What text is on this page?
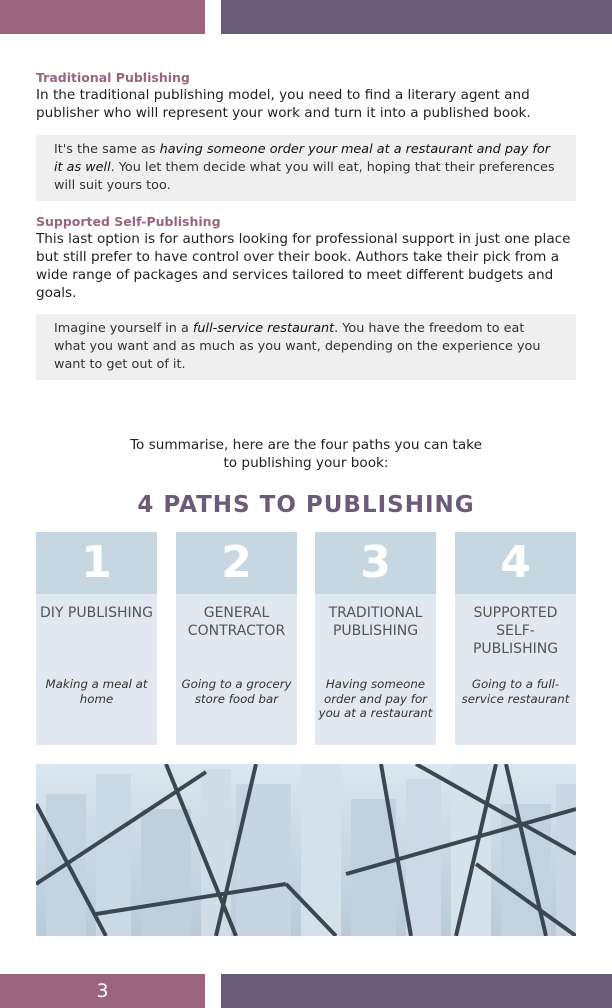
Traditional Publishing
In the traditional publishing model, you need to find a literary agent and publisher who will represent your work and turn it into a published book.
It's the same as having someone order your meal at a restaurant and pay for it as well. You let them decide what you will eat, hoping that their preferences will suit yours too.
Supported Self-Publishing
This last option is for authors looking for professional support in just one place but still prefer to have control over their book. Authors take their pick from a wide range of packages and services tailored to meet different budgets and goals.
Imagine yourself in a full-service restaurant. You have the freedom to eat what you want and as much as you want, depending on the experience you want to get out of it.
To summarise, here are the four paths you can take
to publishing your book:
4 PATHS TO PUBLISHING
1
DIY PUBLISHING
Making a meal at home
2
GENERAL CONTRACTOR
Going to a grocery store food bar
3
TRADITIONAL PUBLISHING
Having someone order and pay for you at a restaurant
4
SUPPORTED SELF-PUBLISHING
Going to a full-service restaurant
3
